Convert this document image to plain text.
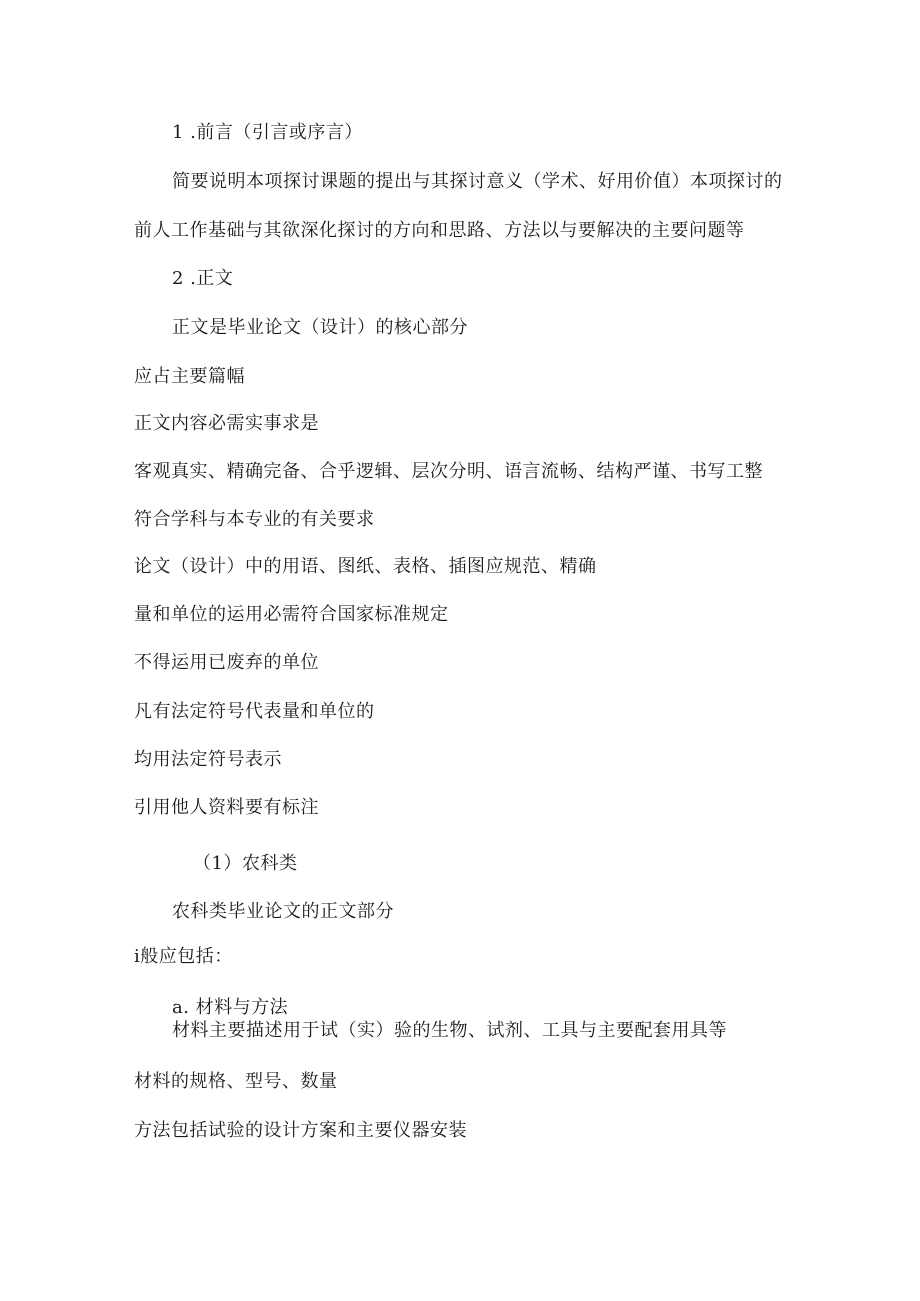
1 .前言（引言或序言）
简要说明本项探讨课题的提出与其探讨意义（学术、好用价值）本项探讨的
前人工作基础与其欲深化探讨的方向和思路、方法以与要解决的主要问题等
2 .正文
正文是毕业论文（设计）的核心部分
应占主要篇幅
正文内容必需实事求是
客观真实、精确完备、合乎逻辑、层次分明、语言流畅、结构严谨、书写工整
符合学科与本专业的有关要求
论文（设计）中的用语、图纸、表格、插图应规范、精确
量和单位的运用必需符合国家标准规定
不得运用已废弃的单位
凡有法定符号代表量和单位的
均用法定符号表示
引用他人资料要有标注
（1）农科类
农科类毕业论文的正文部分
i般应包括：
a. 材料与方法
材料主要描述用于试（实）验的生物、试剂、工具与主要配套用具等
材料的规格、型号、数量
方法包括试验的设计方案和主要仪器安装
